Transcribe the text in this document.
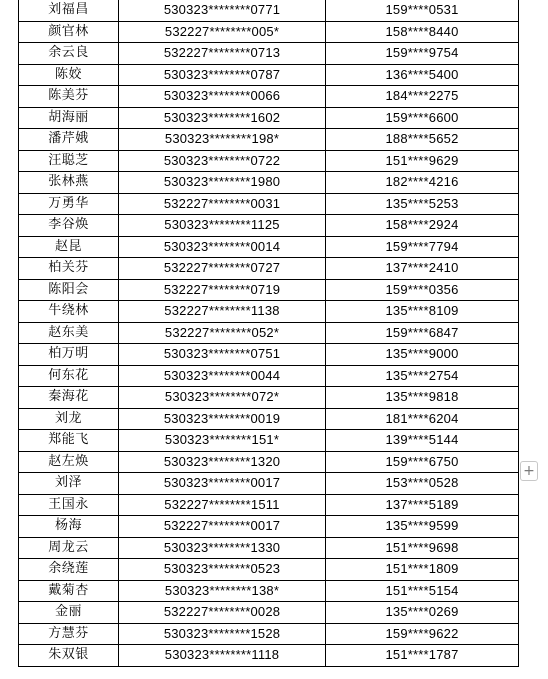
刘福昌	530323********0771	159****0531
颜官林	532227********005*	158****8440
余云良	532227********0713	159****9754
陈姣	530323********0787	136****5400
陈美芬	530323********0066	184****2275
胡海丽	530323********1602	159****6600
潘芹娥	530323********198*	188****5652
汪聪芝	530323********0722	151****9629
张林燕	530323********1980	182****4216
万勇华	532227********0031	135****5253
李谷焕	530323********1125	158****2924
赵昆	530323********0014	159****7794
柏关芬	532227********0727	137****2410
陈阳会	532227********0719	159****0356
牛绕林	532227********1138	135****8109
赵东美	532227********052*	159****6847
柏万明	530323********0751	135****9000
何东花	530323********0044	135****2754
秦海花	530323********072*	135****9818
刘龙	530323********0019	181****6204
郑能飞	530323********151*	139****5144
赵左焕	530323********1320	159****6750
刘泽	530323********0017	153****0528
王国永	532227********1511	137****5189
杨海	532227********0017	135****9599
周龙云	530323********1330	151****9698
余绕莲	530323********0523	151****1809
戴菊杏	530323********138*	151****5154
金丽	532227********0028	135****0269
方慧芬	530323********1528	159****9622
朱双银	530323********1118	151****1787
+
